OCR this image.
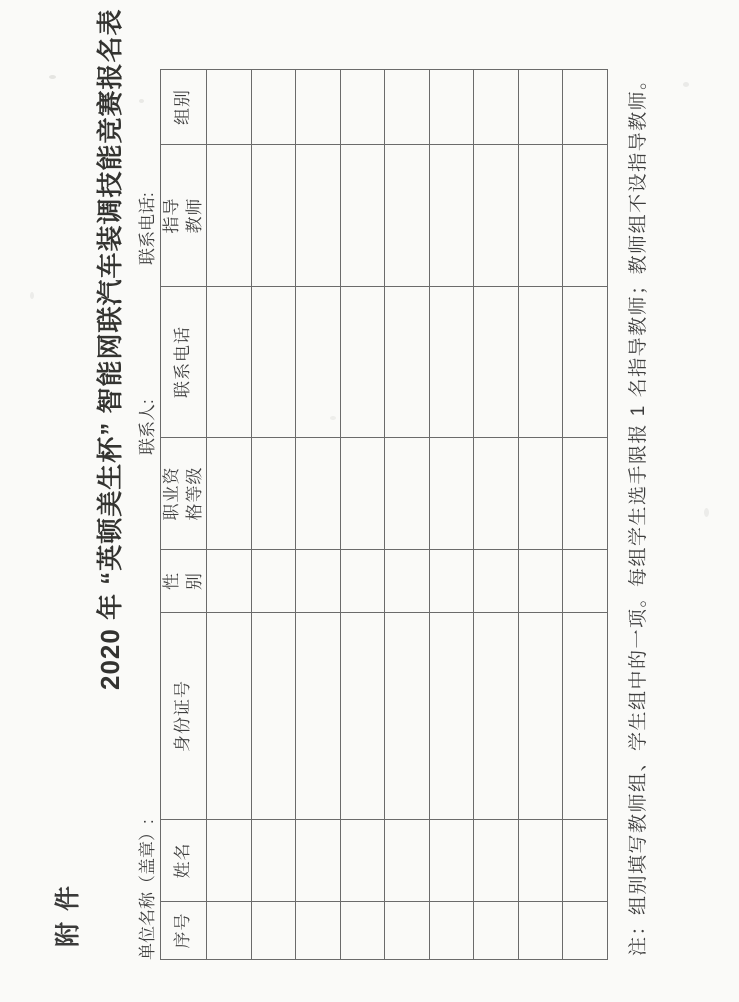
附件
2020 年 “英顿美生杯” 智能网联汽车装调技能竞赛报名表
单位名称（盖章）:
联系人:
联系电话:
序号	姓名	身份证号	性 别	职业资 格等级	联系电话	指导 教师	组别

								注：组别填写教师组、学生组中的一项。每组学生选手限报 1 名指导教师；教师组不设指导教师。
